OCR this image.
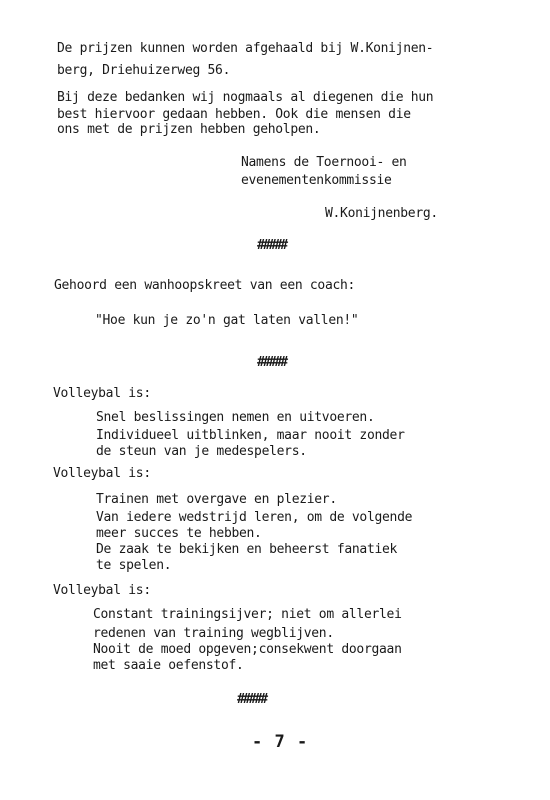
De prijzen kunnen worden afgehaald bij W.Konijnen-
berg, Driehuizerweg 56.
Bij deze bedanken wij nogmaals al diegenen die hun
best hiervoor gedaan hebben. Ook die mensen die
ons met de prijzen hebben geholpen.
Namens de Toernooi- en
evenementenkommissie
W.Konijnenberg.
#####
Gehoord een wanhoopskreet van een coach:
"Hoe kun je zo'n gat laten vallen!"
#####
Volleybal is:
Snel beslissingen nemen en uitvoeren.
Individueel uitblinken, maar nooit zonder
de steun van je medespelers.
Volleybal is:
Trainen met overgave en plezier.
Van iedere wedstrijd leren, om de volgende
meer succes te hebben.
De zaak te bekijken en beheerst fanatiek
te spelen.
Volleybal is:
Constant trainingsijver; niet om allerlei
redenen van training wegblijven.
Nooit de moed opgeven;consekwent doorgaan
met saaie oefenstof.
#####
- 7 -
